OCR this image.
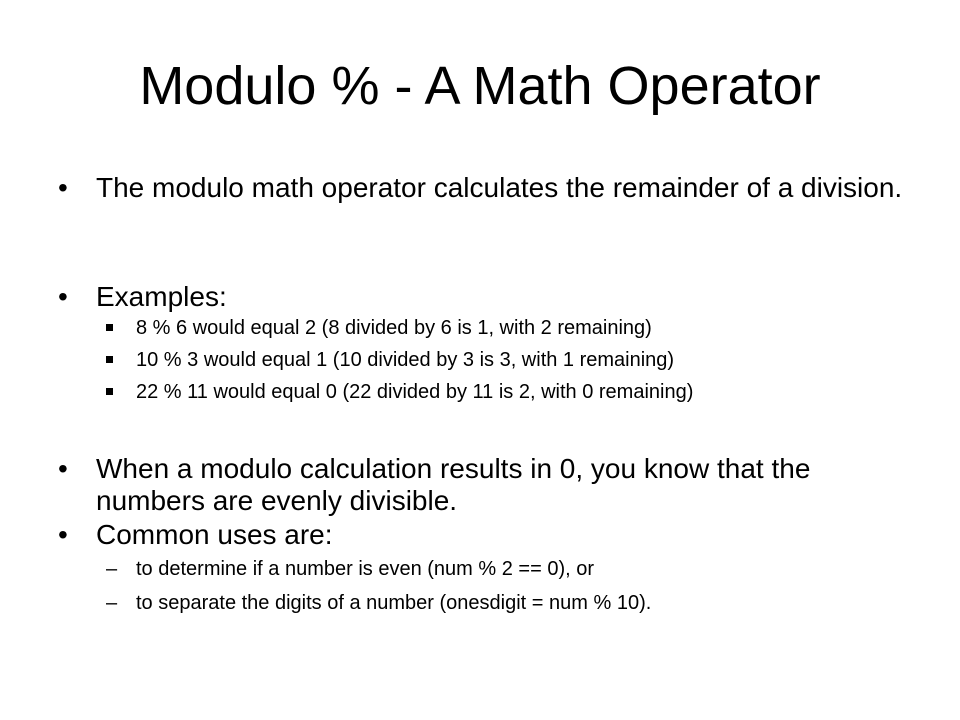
Modulo % - A Math Operator
• The modulo math operator calculates the remainder of a division.
• Examples:
8 % 6 would equal 2 (8 divided by 6 is 1, with 2 remaining)
10 % 3 would equal 1 (10 divided by 3 is 3, with 1 remaining)
22 % 11 would equal 0 (22 divided by 11 is 2, with 0 remaining)
• When a modulo calculation results in 0, you know that the numbers are evenly divisible.
• Common uses are:
– to determine if a number is even (num % 2 == 0), or
– to separate the digits of a number (onesdigit = num % 10).
